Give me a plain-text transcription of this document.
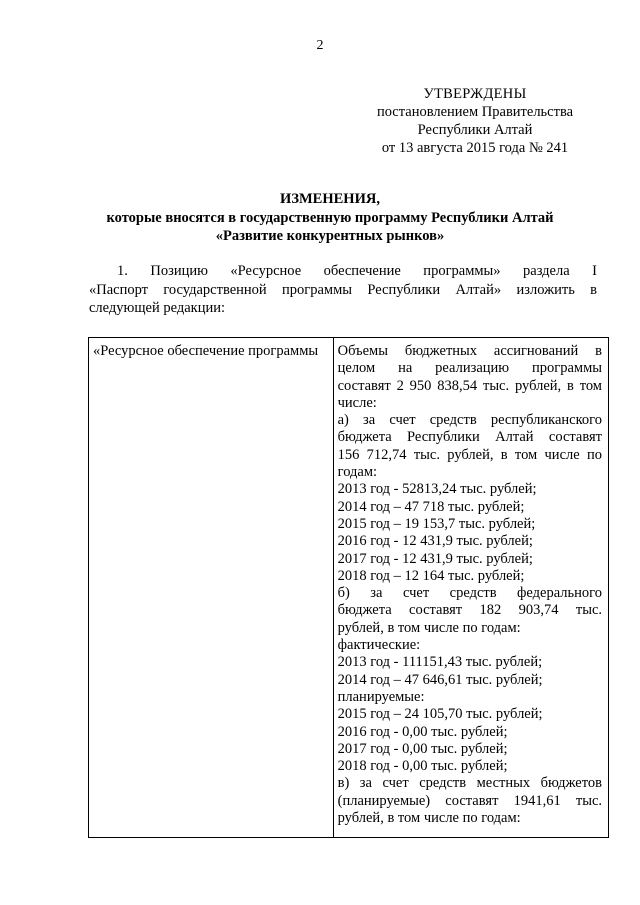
2
УТВЕРЖДЕНЫ
постановлением Правительства
Республики Алтай
от 13 августа 2015 года № 241
ИЗМЕНЕНИЯ,
которые вносятся в государственную программу Республики Алтай
«Развитие конкурентных рынков»
1. Позицию «Ресурсное обеспечение программы» раздела I
«Паспорт государственной программы Республики Алтай» изложить в
следующей редакции:
«Ресурсное обеспечение программы	Объемы бюджетных ассигнований в
целом на реализацию программы
составят 2 950 838,54 тыс. рублей, в том
числе:
а) за счет средств республиканского
бюджета Республики Алтай составят
156 712,74 тыс. рублей, в том числе по
годам:
2013 год - 52813,24 тыс. рублей;
2014 год – 47 718 тыс. рублей;
2015 год – 19 153,7 тыс. рублей;
2016 год - 12 431,9 тыс. рублей;
2017 год - 12 431,9 тыс. рублей;
2018 год – 12 164 тыс. рублей;
б) за счет средств федерального
бюджета составят 182 903,74 тыс.
рублей, в том числе по годам:
фактические:
2013 год - 111151,43 тыс. рублей;
2014 год – 47 646,61 тыс. рублей;
планируемые:
2015 год – 24 105,70 тыс. рублей;
2016 год - 0,00 тыс. рублей;
2017 год - 0,00 тыс. рублей;
2018 год - 0,00 тыс. рублей;
в) за счет средств местных бюджетов
(планируемые) составят 1941,61 тыс.
рублей, в том числе по годам:
